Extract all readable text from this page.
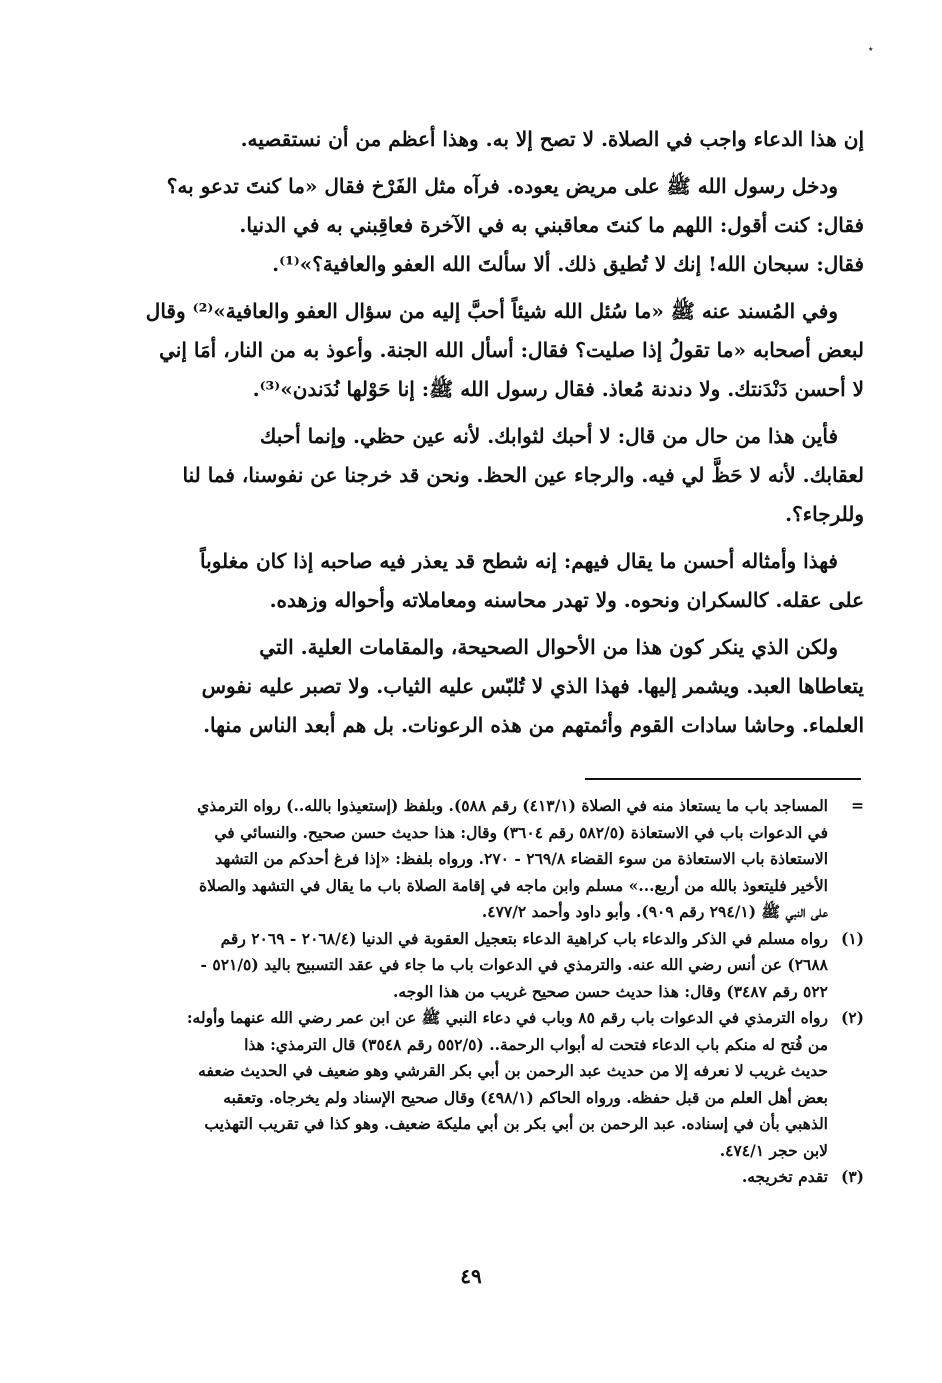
٭

إن هذا الدعاء واجب في الصلاة. لا تصح إلا به. وهذا أعظم من أن نستقصيه.

ودخل رسول الله ﷺ على مريض يعوده. فرآه مثل الفَرْخ فقال «ما كنتَ تدعو به؟
فقال: كنت أقول: اللهم ما كنتَ معاقبني به في الآخرة فعاقِبني به في الدنيا.
فقال: سبحان الله! إنك لا تُطيق ذلك. ألا سألتَ الله العفو والعافية؟»⁽¹⁾.

وفي المُسند عنه ﷺ «ما سُئل الله شيئاً أحبَّ إليه من سؤال العفو والعافية»⁽²⁾ وقال
لبعض أصحابه «ما تقولُ إذا صليت؟ فقال: أسأل الله الجنة. وأعوذ به من النار، أمَا إني
لا أحسن دَنْدَنتك. ولا دندنة مُعاذ. فقال رسول الله ﷺ: إنا حَوْلها نُدَندن»⁽³⁾.

فأين هذا من حال من قال: لا أحبك لثوابك. لأنه عين حظي. وإنما أحبك
لعقابك. لأنه لا حَظَّ لي فيه. والرجاء عين الحظ. ونحن قد خرجنا عن نفوسنا، فما لنا
وللرجاء؟.

فهذا وأمثاله أحسن ما يقال فيهم: إنه شطح قد يعذر فيه صاحبه إذا كان مغلوباً
على عقله. كالسكران ونحوه. ولا تهدر محاسنه ومعاملاته وأحواله وزهده.

ولكن الذي ينكر كون هذا من الأحوال الصحيحة، والمقامات العلية. التي
يتعاطاها العبد. ويشمر إليها. فهذا الذي لا تُلبّس عليه الثياب. ولا تصبر عليه نفوس
العلماء. وحاشا سادات القوم وأئمتهم من هذه الرعونات. بل هم أبعد الناس منها.

=
المساجد باب ما يستعاذ منه في الصلاة (٤١٣/١) رقم ٥٨٨). وبلفظ (إستعيذوا بالله..) رواه الترمذي
في الدعوات باب في الاستعاذة (٥٨٢/٥ رقم ٣٦٠٤) وقال: هذا حديث حسن صحيح. والنسائي في
الاستعاذة باب الاستعاذة من سوء القضاء ٢٦٩/٨ - ٢٧٠. ورواه بلفظ: «إذا فرغ أحدكم من التشهد
الأخير فليتعوذ بالله من أربع...» مسلم وابن ماجه في إقامة الصلاة باب ما يقال في التشهد والصلاة
على النبي ﷺ (٢٩٤/١ رقم ٩٠٩). وأبو داود وأحمد ٤٧٧/٢.
(١)
رواه مسلم في الذكر والدعاء باب كراهية الدعاء بتعجيل العقوبة في الدنيا (٢٠٦٨/٤ - ٢٠٦٩ رقم
٢٦٨٨) عن أنس رضي الله عنه. والترمذي في الدعوات باب ما جاء في عقد التسبيح باليد (٥٢١/٥ -
٥٢٢ رقم ٣٤٨٧) وقال: هذا حديث حسن صحيح غريب من هذا الوجه.
(٢)
رواه الترمذي في الدعوات باب رقم ٨٥ وباب في دعاء النبي ﷺ عن ابن عمر رضي الله عنهما وأوله:
من فُتح له منكم باب الدعاء فتحت له أبواب الرحمة.. (٥٥٢/٥ رقم ٣٥٤٨) قال الترمذي: هذا
حديث غريب لا نعرفه إلا من حديث عبد الرحمن بن أبي بكر القرشي وهو ضعيف في الحديث ضعفه
بعض أهل العلم من قبل حفظه. ورواه الحاكم (٤٩٨/١) وقال صحيح الإسناد ولم يخرجاه. وتعقبه
الذهبي بأن في إسناده. عبد الرحمن بن أبي بكر بن أبي مليكة ضعيف. وهو كذا في تقريب التهذيب
لابن حجر ٤٧٤/١.
(٣)
تقدم تخريجه.
٤٩
